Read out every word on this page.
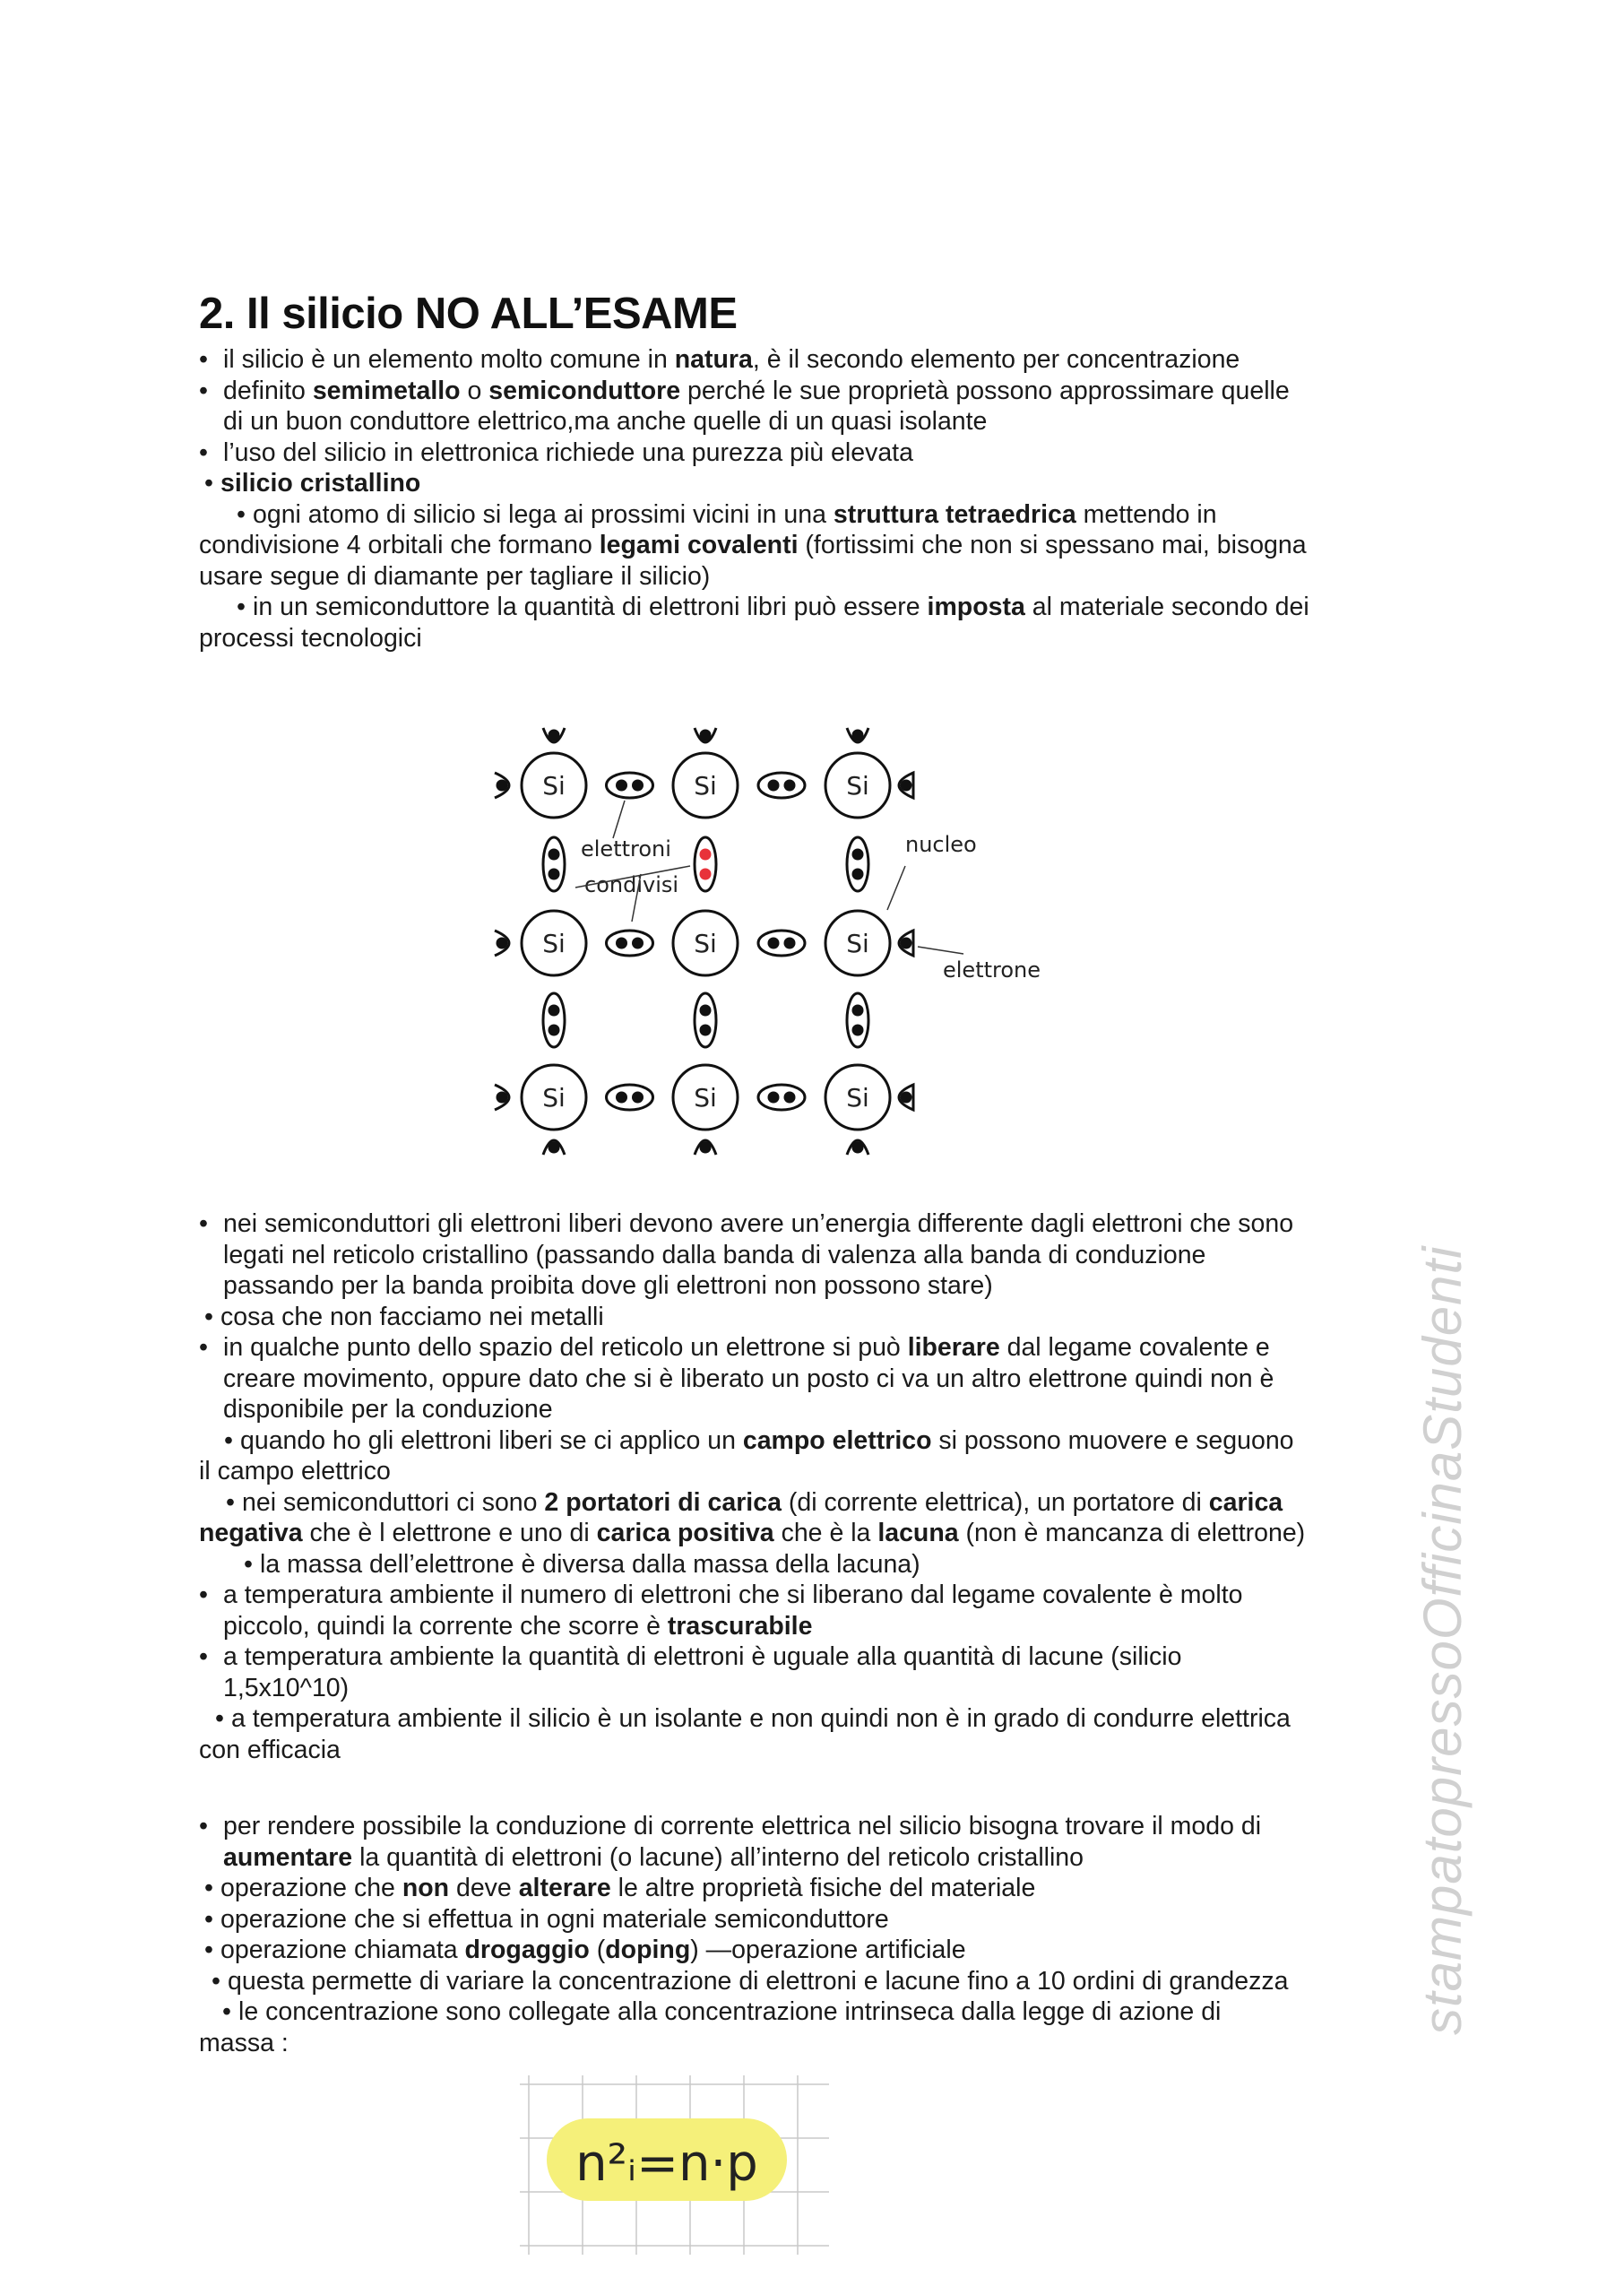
2. Il silicio NO ALL’ESAME
• il silicio è un elemento molto comune in natura, è il secondo elemento per concentrazione
• definito semimetallo o semiconduttore perché le sue proprietà possono approssimare quelle
di un buon conduttore elettrico,ma anche quelle di un quasi isolante
• l’uso del silicio in elettronica richiede una purezza più elevata
• silicio cristallino
• ogni atomo di silicio si lega ai prossimi vicini in una struttura tetraedrica mettendo in
condivisione 4 orbitali che formano legami covalenti (fortissimi che non si spessano mai, bisogna
usare segue di diamante per tagliare il silicio)
• in un semiconduttore la quantità di elettroni libri può essere imposta al materiale secondo dei
processi tecnologici
Si	Si	Si
Si	Si	Si
Si	Si	Si
elettroni
condivisi
nucleo
elettrone
• nei semiconduttori gli elettroni liberi devono avere un’energia differente dagli elettroni che sono
legati nel reticolo cristallino (passando dalla banda di valenza alla banda di conduzione
passando per la banda proibita dove gli elettroni non possono stare)
• cosa che non facciamo nei metalli
• in qualche punto dello spazio del reticolo un elettrone si può liberare dal legame covalente e
creare movimento, oppure dato che si è liberato un posto ci va un altro elettrone quindi non è
disponibile per la conduzione
• quando ho gli elettroni liberi se ci applico un campo elettrico si possono muovere e seguono
il campo elettrico
• nei semiconduttori ci sono 2 portatori di carica (di corrente elettrica), un portatore di carica
negativa che è l elettrone e uno di carica positiva che è la lacuna (non è mancanza di elettrone)
• la massa dell’elettrone è diversa dalla massa della lacuna)
• a temperatura ambiente il numero di elettroni che si liberano dal legame covalente è molto
piccolo, quindi la corrente che scorre è trascurabile
• a temperatura ambiente la quantità di elettroni è uguale alla quantità di lacune (silicio
1,5x10^10)
• a temperatura ambiente il silicio è un isolante e non quindi non è in grado di condurre elettrica
con efficacia
• per rendere possibile la conduzione di corrente elettrica nel silicio bisogna trovare il modo di
aumentare la quantità di elettroni (o lacune) all’interno del reticolo cristallino
• operazione che non deve alterare le altre proprietà fisiche del materiale
• operazione che si effettua in ogni materiale semiconduttore
• operazione chiamata drogaggio (doping) —operazione artificiale
• questa permette di variare la concentrazione di elettroni e lacune fino a 10 ordini di grandezza
• le concentrazione sono collegate alla concentrazione intrinseca dalla legge di azione di
massa :
n²ᵢ=n·p
stampatopressoOfficinaStudenti
